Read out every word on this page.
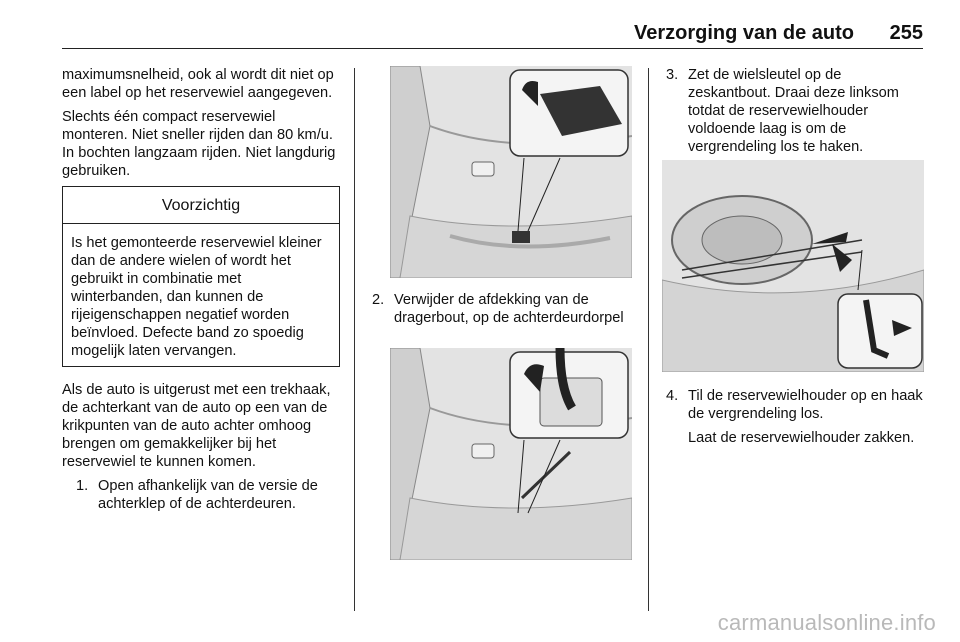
Verzorging van de auto 255

maximumsnelheid, ook al wordt dit niet op een label op het reservewiel aangegeven.

Slechts één compact reservewiel monteren. Niet sneller rijden dan 80 km/u. In bochten langzaam rijden. Niet langdurig gebruiken.

Voorzichtig
Is het gemonteerde reservewiel kleiner dan de andere wielen of wordt het gebruikt in combinatie met winterbanden, dan kunnen de rijeigenschappen negatief worden beïnvloed. Defecte band zo spoedig mogelijk laten vervangen.

Als de auto is uitgerust met een trekhaak, de achterkant van de auto op een van de krikpunten van de auto achter omhoog brengen om gemakkelijker bij het reservewiel te kunnen komen.

1. Open afhankelijk van de versie de achterklep of de achterdeuren.
2. Verwijder de afdekking van de dragerbout, op de achterdeurdorpel
3. Zet de wielsleutel op de zeskantbout. Draai deze linksom totdat de reservewielhouder voldoende laag is om de vergrendeling los te haken.
4. Til de reservewielhouder op en haak de vergrendeling los.

Laat de reservewielhouder zakken.

carmanualsonline.info
